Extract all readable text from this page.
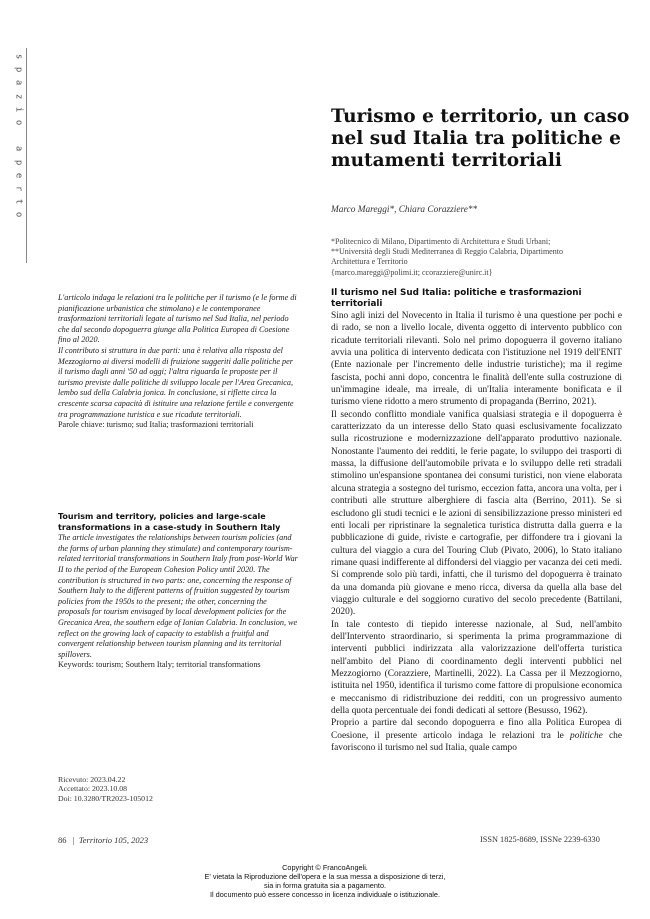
s
p
a
z
i
o
a
p
e
r
t
o
Turismo e territorio, un caso nel sud Italia tra politiche e mutamenti territoriali
Marco Mareggi*, Chiara Corazziere**
*Politecnico di Milano, Dipartimento di Architettura e Studi Urbani;
**Università degli Studi Mediterranea di Reggio Calabria, Dipartimento
Architettura e Territorio
{marco.mareggi@polimi.it; ccorazziere@unirc.it}

L'articolo indaga le relazioni tra le politiche per il turismo (e le forme di pianificazione urbanistica che stimolano) e le contemporanee trasformazioni territoriali legate al turismo nel Sud Italia, nel periodo che dal secondo dopoguerra giunge alla Politica Europea di Coesione fino al 2020.

Il contributo si struttura in due parti: una è relativa alla risposta del Mezzogiorno ai diversi modelli di fruizione suggeriti dalle politiche per il turismo dagli anni '50 ad oggi; l'altra riguarda le proposte per il turismo previste dalle politiche di sviluppo locale per l'Area Grecanica, lembo sud della Calabria jonica. In conclusione, si riflette circa la crescente scarsa capacità di istituire una relazione fertile e convergente tra programmazione turistica e sue ricadute territoriali.

Parole chiave: turismo; sud Italia; trasformazioni territoriali

Tourism and territory, policies and large-scale transformations in a case-study in Southern Italy

The article investigates the relationships between tourism policies (and the forms of urban planning they stimulate) and contemporary tourism-related territorial transformations in Southern Italy from post-World War II to the period of the European Cohesion Policy until 2020. The contribution is structured in two parts: one, concerning the response of Southern Italy to the different patterns of fruition suggested by tourism policies from the 1950s to the present; the other, concerning the proposals for tourism envisaged by local development policies for the Grecanica Area, the southern edge of Ionian Calabria. In conclusion, we reflect on the growing lack of capacity to establish a fruitful and convergent relationship between tourism planning and its territorial spillovers.

Keywords: tourism; Southern Italy; territorial transformations

Ricevuto: 2023.04.22
Accettato: 2023.10.08
Doi: 10.3280/TR2023-105012
Il turismo nel Sud Italia: politiche e trasformazioni territoriali

Sino agli inizi del Novecento in Italia il turismo è una questione per pochi e di rado, se non a livello locale, diventa oggetto di intervento pubblico con ricadute territoriali rilevanti. Solo nel primo dopoguerra il governo italiano avvia una politica di intervento dedicata con l'istituzione nel 1919 dell'ENIT (Ente nazionale per l'incremento delle industrie turistiche); ma il regime fascista, pochi anni dopo, concentra le finalità dell'ente sulla costruzione di un'immagine ideale, ma irreale, di un'Italia interamente bonificata e il turismo viene ridotto a mero strumento di propaganda (Berrino, 2021).

Il secondo conflitto mondiale vanifica qualsiasi strategia e il dopoguerra è caratterizzato da un interesse dello Stato quasi esclusivamente focalizzato sulla ricostruzione e modernizzazione dell'apparato produttivo nazionale. Nonostante l'aumento dei redditi, le ferie pagate, lo sviluppo dei trasporti di massa, la diffusione dell'automobile privata e lo sviluppo delle reti stradali stimolino un'espansione spontanea dei consumi turistici, non viene elaborata alcuna strategia a sostegno del turismo, eccezion fatta, ancora una volta, per i contributi alle strutture alberghiere di fascia alta (Berrino, 2011). Se si escludono gli studi tecnici e le azioni di sensibilizzazione presso ministeri ed enti locali per ripristinare la segnaletica turistica distrutta dalla guerra e la pubblicazione di guide, riviste e cartografie, per diffondere tra i giovani la cultura del viaggio a cura del Touring Club (Pivato, 2006), lo Stato italiano rimane quasi indifferente al diffondersi del viaggio per vacanza dei ceti medi. Si comprende solo più tardi, infatti, che il turismo del dopoguerra è trainato da una domanda più giovane e meno ricca, diversa da quella alla base del viaggio culturale e del soggiorno curativo del secolo precedente (Battilani, 2020).

In tale contesto di tiepido interesse nazionale, al Sud, nell'ambito dell'Intervento straordinario, si sperimenta la prima programmazione di interventi pubblici indirizzata alla valorizzazione dell'offerta turistica nell'ambito del Piano di coordinamento degli interventi pubblici nel Mezzogiorno (Corazziere, Martinelli, 2022). La Cassa per il Mezzogiorno, istituita nel 1950, identifica il turismo come fattore di propulsione economica e meccanismo di ridistribuzione dei redditi, con un progressivo aumento della quota percentuale dei fondi dedicati al settore (Besusso, 1962).

Proprio a partire dal secondo dopoguerra e fino alla Politica Europea di Coesione, il presente articolo indaga le relazioni tra le politiche che favoriscono il turismo nel sud Italia, quale campo

86 | Territorio 105, 2023	ISSN 1825-8689, ISSNe 2239-6330
Copyright © FrancoAngeli.
E' vietata la Riproduzione dell'opera e la sua messa a disposizione di terzi,
sia in forma gratuita sia a pagamento.
Il documento può essere concesso in licenza individuale o istituzionale.
